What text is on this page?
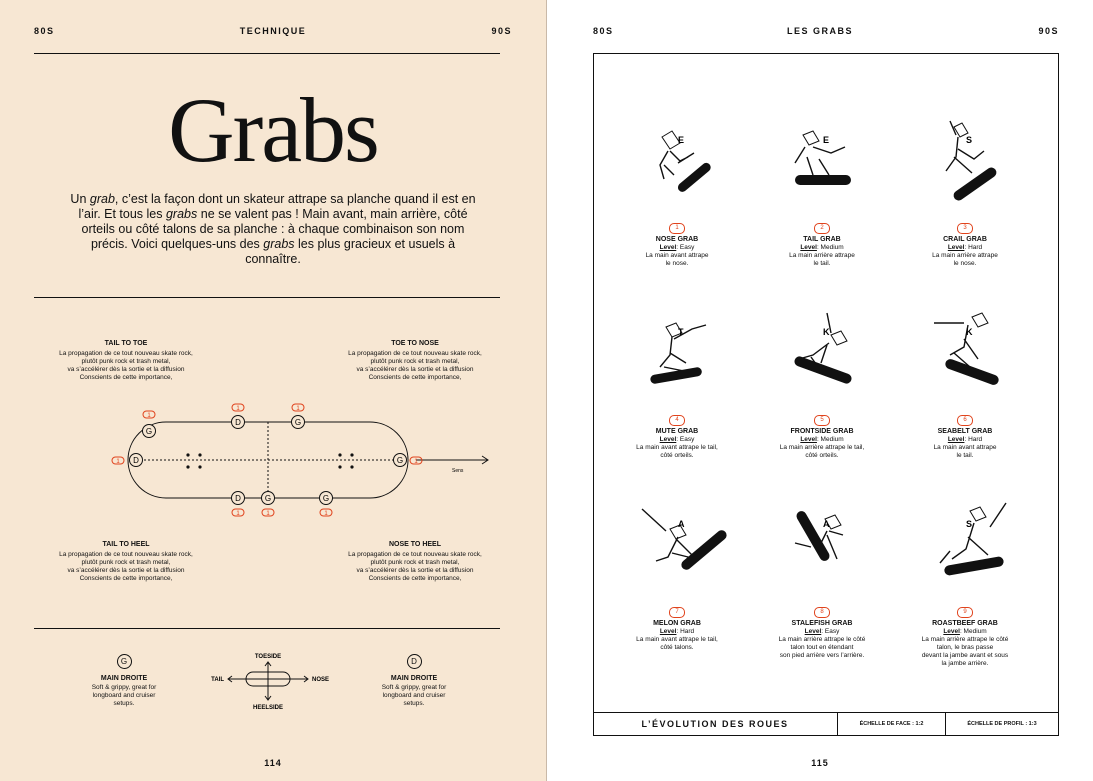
80S	TECHNIQUE	90S
Grabs
Un grab, c’est la façon dont un skateur attrape sa planche quand il est en l’air. Et tous les grabs ne se valent pas ! Main avant, main arrière, côté orteils ou côté talons de sa planche : à chaque combinaison son nom précis. Voici quelques-uns des grabs les plus gracieux et usuels à connaître.
TAIL TO TOE
La propagation de ce tout nouveau skate rock,
plutôt punk rock et trash metal,
va s’accélérer dès la sortie et la diffusion
Conscients de cette importance,
TOE TO NOSE
La propagation de ce tout nouveau skate rock,
plutôt punk rock et trash metal,
va s’accélérer dès la sortie et la diffusion
Conscients de cette importance,
TAIL TO HEEL
La propagation de ce tout nouveau skate rock,
plutôt punk rock et trash metal,
va s’accélérer dès la sortie et la diffusion
Conscients de cette importance,
NOSE TO HEEL
La propagation de ce tout nouveau skate rock,
plutôt punk rock et trash metal,
va s’accélérer dès la sortie et la diffusion
Conscients de cette importance,
G
D
D	G
G
D	G	G
1
1
1	1
1
1	1	1
Sens
G
MAIN DROITE
Soft & grippy, great for
longboard and cruiser
setups.
D
MAIN DROITE
Soft & grippy, great for
longboard and cruiser
setups.
TOESIDE
HEELSIDE
TAIL	NOSE
114
80S	LES GRABS	90S
E
1
NOSE GRAB
Level: Easy
La main avant attrape
le nose.
E
2
TAIL GRAB
Level: Medium
La main arrière attrape
le tail.
S
3
CRAIL GRAB
Level: Hard
La main arrière attrape
le nose.
T
4
MUTE GRAB
Level: Easy
La main avant attrape le tail,
côté orteils.
K
5
FRONTSIDE GRAB
Level: Medium
La main arrière attrape le tail,
côté orteils.
K
6
SEABELT GRAB
Level: Hard
La main avant attrape
le tail.
A
7
MELON GRAB
Level: Hard
La main avant attrape le tail,
côté talons.
A
8
STALEFISH GRAB
Level: Easy
La main arrière attrape le côté
talon tout en étendant
son pied arrière vers l’arrière.
S
9
ROASTBEEF GRAB
Level: Medium
La main arrière attrape le côté
talon, le bras passe
devant la jambe avant et sous
la jambe arrière.
L’ÉVOLUTION DES ROUES	ÉCHELLE DE FACE : 1:2	ÉCHELLE DE PROFIL : 1:3
115
